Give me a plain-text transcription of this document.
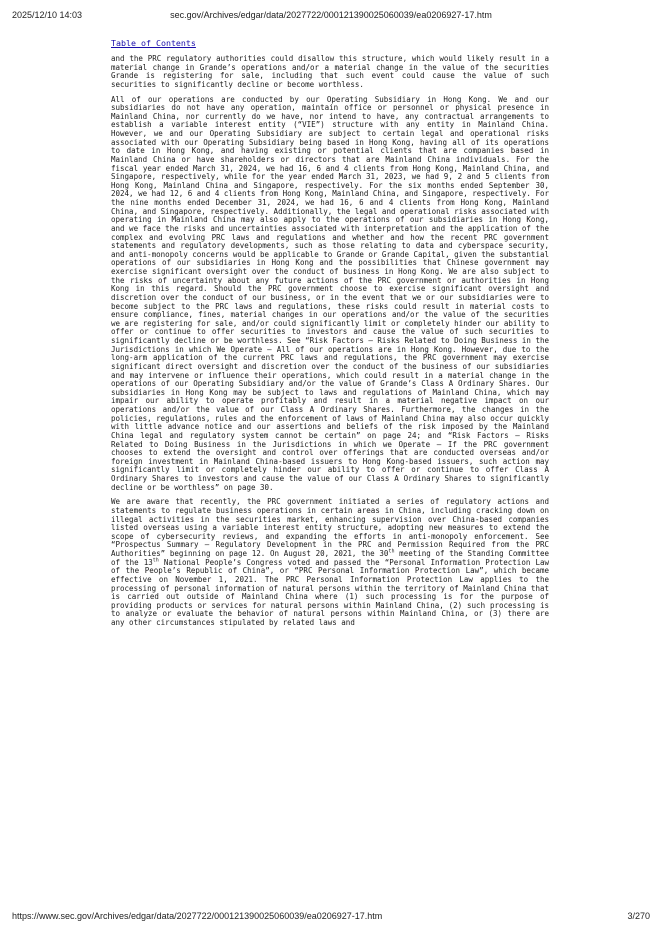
2025/12/10 14:03	sec.gov/Archives/edgar/data/2027722/000121390025060039/ea0206927-17.htm
Table of Contents

and the PRC regulatory authorities could disallow this structure, which would likely result in a material change in Grande’s operations and/or a material change in the value of the securities Grande is registering for sale, including that such event could cause the value of such securities to significantly decline or become worthless.

All of our operations are conducted by our Operating Subsidiary in Hong Kong. We and our subsidiaries do not have any operation, maintain office or personnel or physical presence in Mainland China, nor currently do we have, nor intend to have, any contractual arrangements to establish a variable interest entity (“VIE”) structure with any entity in Mainland China. However, we and our Operating Subsidiary are subject to certain legal and operational risks associated with our Operating Subsidiary being based in Hong Kong, having all of its operations to date in Hong Kong, and having existing or potential clients that are companies based in Mainland China or have shareholders or directors that are Mainland China individuals. For the fiscal year ended March 31, 2024, we had 16, 6 and 4 clients from Hong Kong, Mainland China, and Singapore, respectively, while for the year ended March 31, 2023, we had 9, 2 and 5 clients from Hong Kong, Mainland China and Singapore, respectively. For the six months ended September 30, 2024, we had 12, 6 and 4 clients from Hong Kong, Mainland China, and Singapore, respectively. For the nine months ended December 31, 2024, we had 16, 6 and 4 clients from Hong Kong, Mainland China, and Singapore, respectively. Additionally, the legal and operational risks associated with operating in Mainland China may also apply to the operations of our subsidiaries in Hong Kong, and we face the risks and uncertainties associated with interpretation and the application of the complex and evolving PRC laws and regulations and whether and how the recent PRC government statements and regulatory developments, such as those relating to data and cyberspace security, and anti-monopoly concerns would be applicable to Grande or Grande Capital, given the substantial operations of our subsidiaries in Hong Kong and the possibilities that Chinese government may exercise significant oversight over the conduct of business in Hong Kong. We are also subject to the risks of uncertainty about any future actions of the PRC government or authorities in Hong Kong in this regard. Should the PRC government choose to exercise significant oversight and discretion over the conduct of our business, or in the event that we or our subsidiaries were to become subject to the PRC laws and regulations, these risks could result in material costs to ensure compliance, fines, material changes in our operations and/or the value of the securities we are registering for sale, and/or could significantly limit or completely hinder our ability to offer or continue to offer securities to investors and cause the value of such securities to significantly decline or be worthless. See “Risk Factors — Risks Related to Doing Business in the Jurisdictions in which We Operate — All of our operations are in Hong Kong. However, due to the long-arm application of the current PRC laws and regulations, the PRC government may exercise significant direct oversight and discretion over the conduct of the business of our subsidiaries and may intervene or influence their operations, which could result in a material change in the operations of our Operating Subsidiary and/or the value of Grande’s Class A Ordinary Shares. Our subsidiaries in Hong Kong may be subject to laws and regulations of Mainland China, which may impair our ability to operate profitably and result in a material negative impact on our operations and/or the value of our Class A Ordinary Shares. Furthermore, the changes in the policies, regulations, rules and the enforcement of laws of Mainland China may also occur quickly with little advance notice and our assertions and beliefs of the risk imposed by the Mainland China legal and regulatory system cannot be certain” on page 24; and “Risk Factors — Risks Related to Doing Business in the Jurisdictions in which we Operate — If the PRC government chooses to extend the oversight and control over offerings that are conducted overseas and/or foreign investment in Mainland China-based issuers to Hong Kong-based issuers, such action may significantly limit or completely hinder our ability to offer or continue to offer Class A Ordinary Shares to investors and cause the value of our Class A Ordinary Shares to significantly decline or be worthless” on page 30.

We are aware that recently, the PRC government initiated a series of regulatory actions and statements to regulate business operations in certain areas in China, including cracking down on illegal activities in the securities market, enhancing supervision over China-based companies listed overseas using a variable interest entity structure, adopting new measures to extend the scope of cybersecurity reviews, and expanding the efforts in anti-monopoly enforcement. See “Prospectus Summary — Regulatory Development in the PRC and Permission Required from the PRC Authorities” beginning on page 12. On August 20, 2021, the 30th meeting of the Standing Committee of the 13th National People’s Congress voted and passed the “Personal Information Protection Law of the People’s Republic of China”, or “PRC Personal Information Protection Law”, which became effective on November 1, 2021. The PRC Personal Information Protection Law applies to the processing of personal information of natural persons within the territory of Mainland China that is carried out outside of Mainland China where (1) such processing is for the purpose of providing products or services for natural persons within Mainland China, (2) such processing is to analyze or evaluate the behavior of natural persons within Mainland China, or (3) there are any other circumstances stipulated by related laws and

https://www.sec.gov/Archives/edgar/data/2027722/000121390025060039/ea0206927-17.htm	3/270
